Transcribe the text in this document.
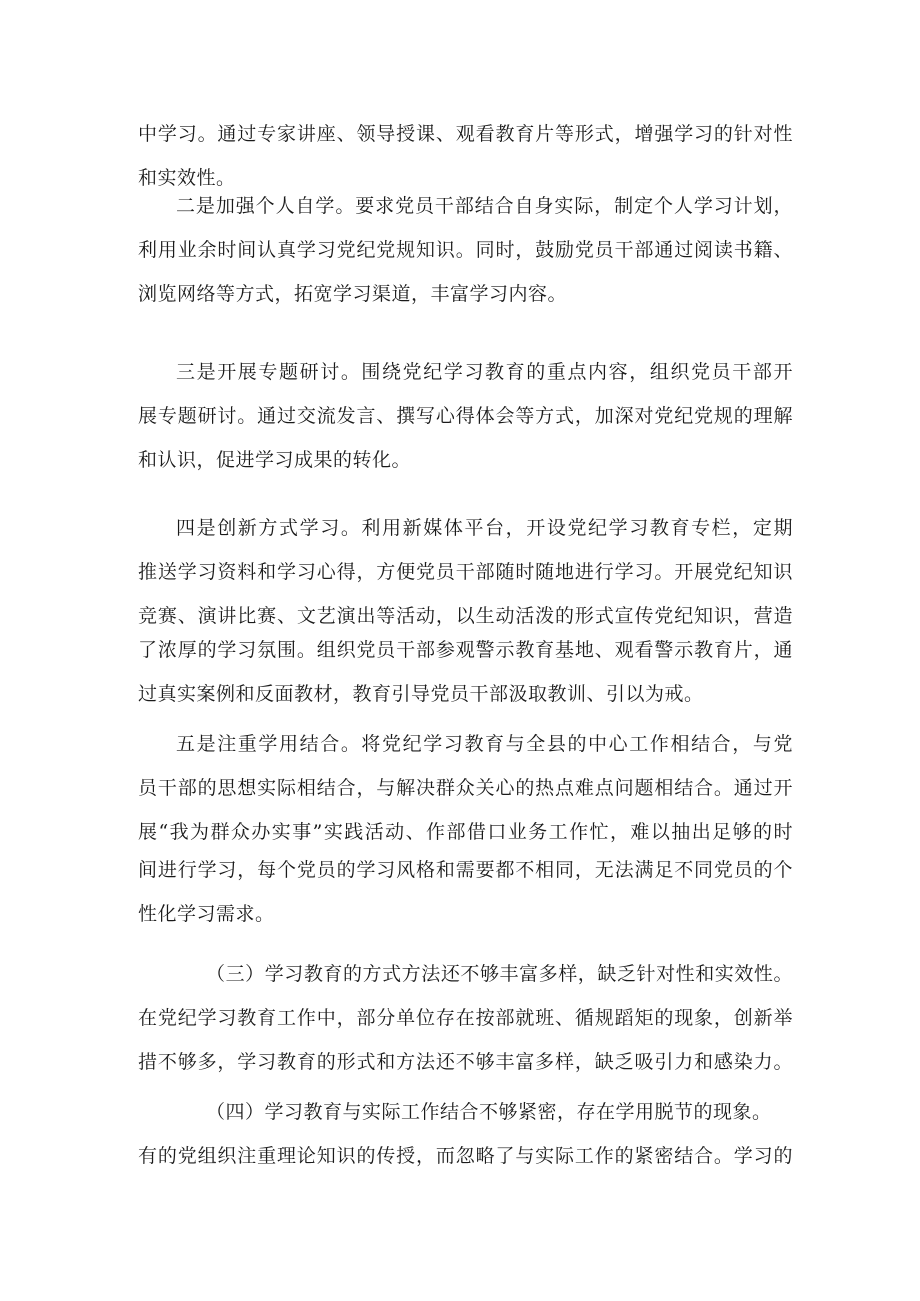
中学习。通过专家讲座、领导授课、观看教育片等形式，增强学习的针对性
和实效性。
二是加强个人自学。要求党员干部结合自身实际，制定个人学习计划，
利用业余时间认真学习党纪党规知识。同时，鼓励党员干部通过阅读书籍、
浏览网络等方式，拓宽学习渠道，丰富学习内容。
三是开展专题研讨。围绕党纪学习教育的重点内容，组织党员干部开
展专题研讨。通过交流发言、撰写心得体会等方式，加深对党纪党规的理解
和认识，促进学习成果的转化。
四是创新方式学习。利用新媒体平台，开设党纪学习教育专栏，定期
推送学习资料和学习心得，方便党员干部随时随地进行学习。开展党纪知识
竞赛、演讲比赛、文艺演出等活动，以生动活泼的形式宣传党纪知识，营造
了浓厚的学习氛围。组织党员干部参观警示教育基地、观看警示教育片，通
过真实案例和反面教材，教育引导党员干部汲取教训、引以为戒。
五是注重学用结合。将党纪学习教育与全县的中心工作相结合，与党
员干部的思想实际相结合，与解决群众关心的热点难点问题相结合。通过开
展“我为群众办实事”实践活动、作部借口业务工作忙，难以抽出足够的时
间进行学习，每个党员的学习风格和需要都不相同，无法满足不同党员的个
性化学习需求。
（三）学习教育的方式方法还不够丰富多样，缺乏针对性和实效性。
在党纪学习教育工作中，部分单位存在按部就班、循规蹈矩的现象，创新举
措不够多，学习教育的形式和方法还不够丰富多样，缺乏吸引力和感染力。
（四）学习教育与实际工作结合不够紧密，存在学用脱节的现象。
有的党组织注重理论知识的传授，而忽略了与实际工作的紧密结合。学习的
